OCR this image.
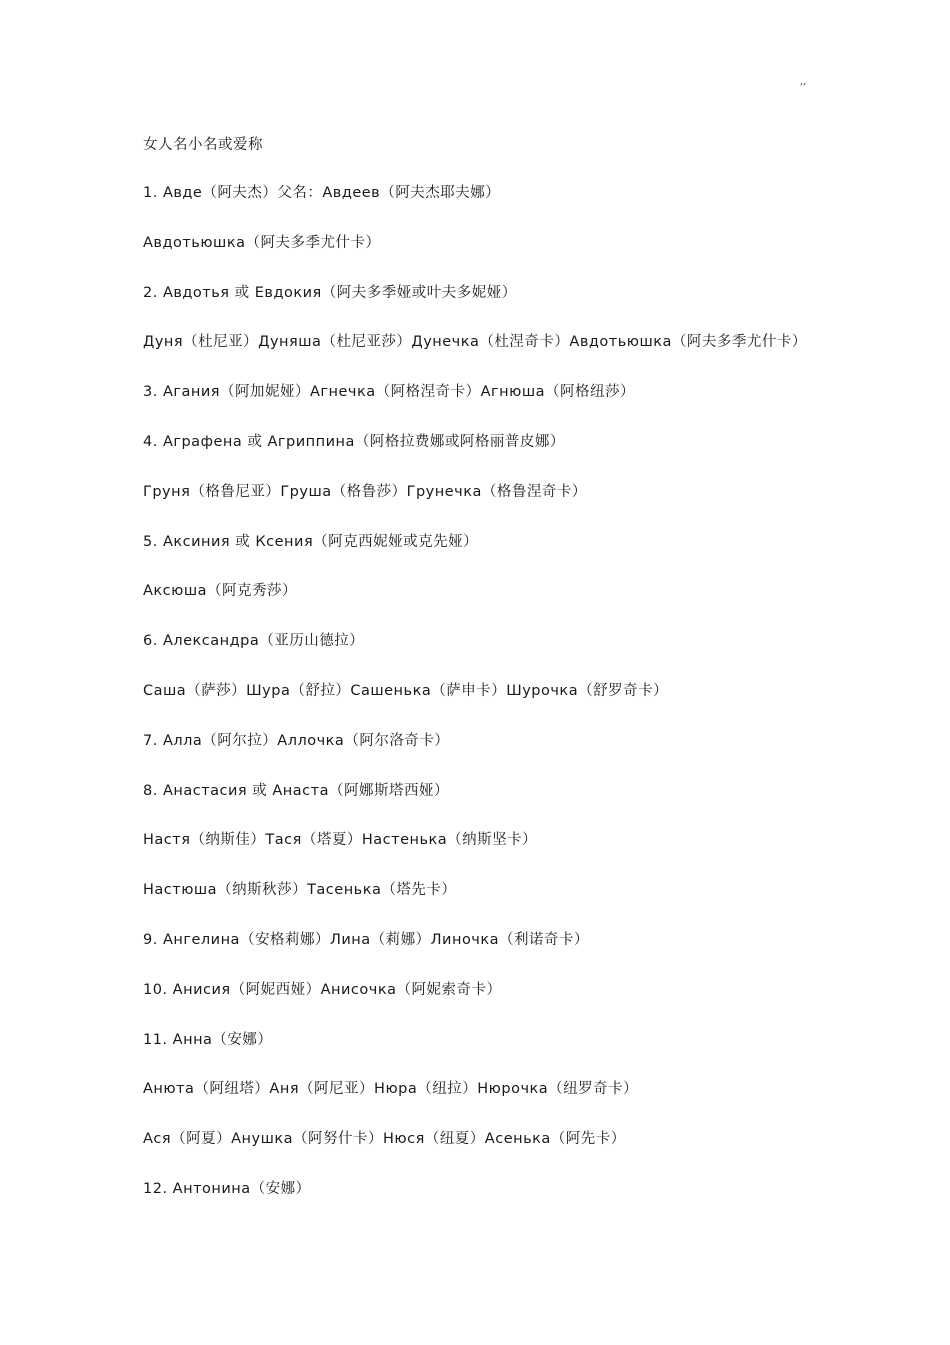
,,
女人名小名或爱称
1. Авде（阿夫杰）父名：Авдеев（阿夫杰耶夫娜）
Авдотьюшка（阿夫多季尤什卡）
2. Авдотья 或 Евдокия（阿夫多季娅或叶夫多妮娅）
Дуня（杜尼亚）Дуняша（杜尼亚莎）Дунечка（杜涅奇卡）Авдотьюшка（阿夫多季尤什卡）
3. Агания（阿加妮娅）Агнечка（阿格涅奇卡）Агнюша（阿格纽莎）
4. Аграфена 或 Агриппина（阿格拉费娜或阿格丽普皮娜）
Груня（格鲁尼亚）Груша（格鲁莎）Грунечка（格鲁涅奇卡）
5. Аксиния 或 Ксения（阿克西妮娅或克先娅）
Аксюша（阿克秀莎）
6. Александра（亚历山德拉）
Саша（萨莎）Шура（舒拉）Сашенька（萨申卡）Шурочка（舒罗奇卡）
7. Алла（阿尔拉）Аллочка（阿尔洛奇卡）
8. Анастасия 或 Анаста（阿娜斯塔西娅）
Настя（纳斯佳）Тася（塔夏）Настенька（纳斯坚卡）
Настюша（纳斯秋莎）Тасенька（塔先卡）
9. Ангелина（安格莉娜）Лина（莉娜）Линочка（利诺奇卡）
10. Анисия（阿妮西娅）Анисочка（阿妮索奇卡）
11. Анна（安娜）
Анюта（阿纽塔）Аня（阿尼亚）Нюра（纽拉）Нюрочка（纽罗奇卡）
Ася（阿夏）Анушка（阿努什卡）Нюся（纽夏）Асенька（阿先卡）
12. Антонина（安娜）
